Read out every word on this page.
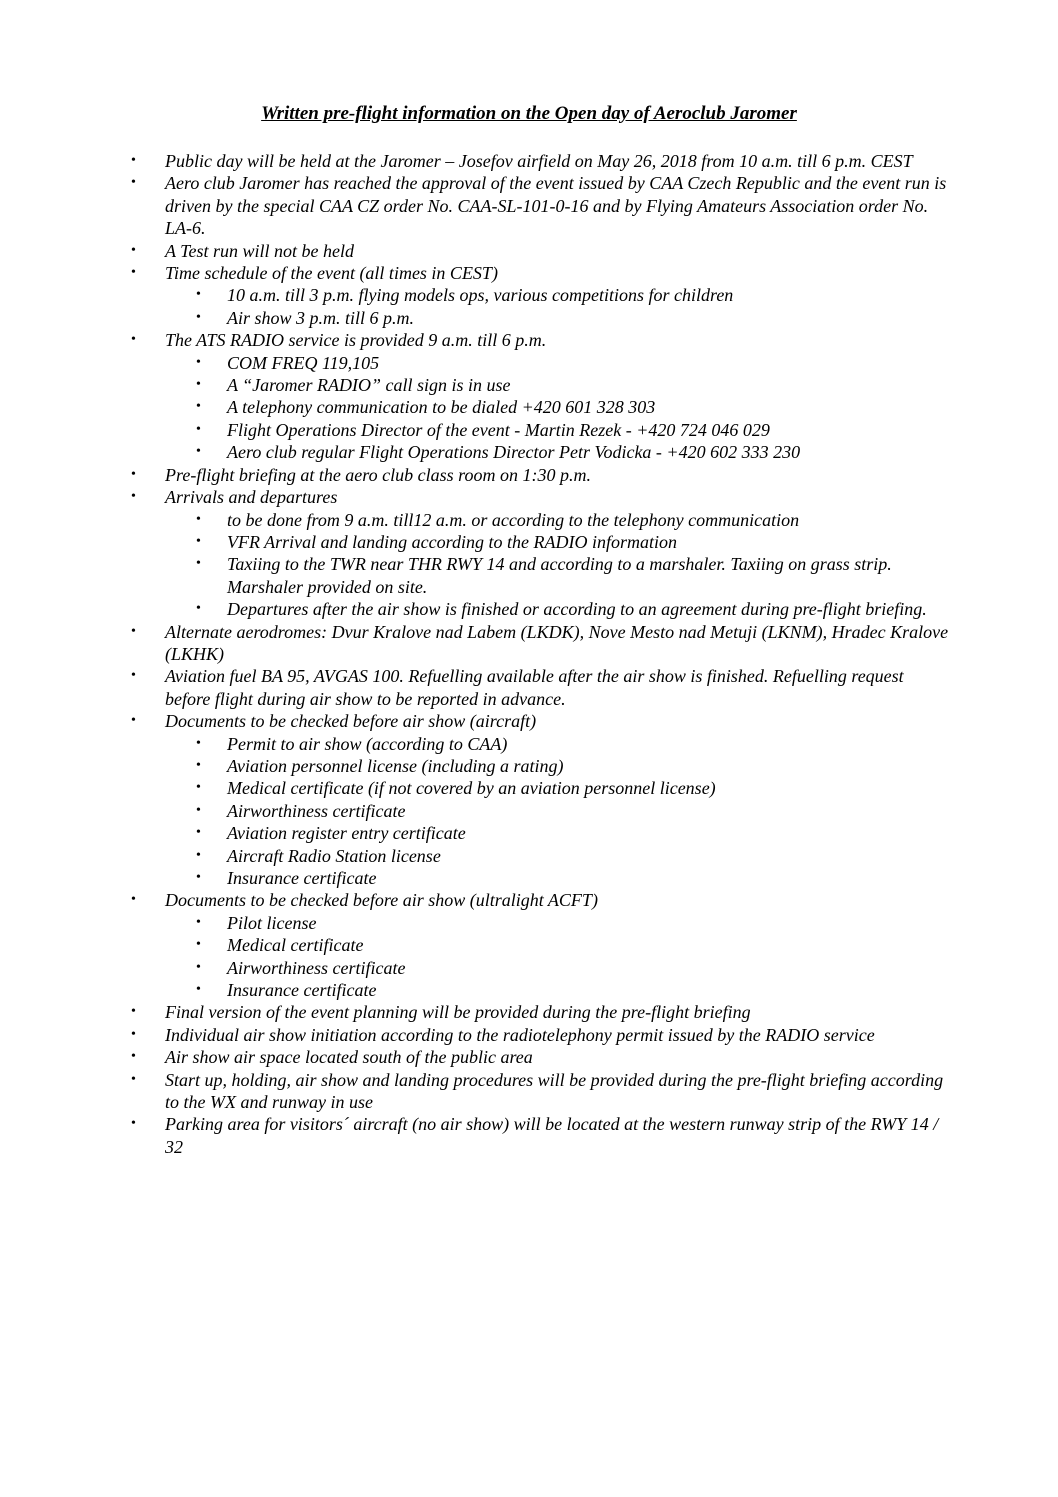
Written pre-flight information on the Open day of Aeroclub Jaromer
• Public day will be held at the Jaromer – Josefov airfield on May 26, 2018 from 10 a.m. till 6 p.m. CEST
• Aero club Jaromer has reached the approval of the event issued by CAA Czech Republic and the event run is driven by the special CAA CZ order No. CAA-SL-101-0-16 and by Flying Amateurs Association order No. LA-6.
• A Test run will not be held
• Time schedule of the event (all times in CEST)
• 10 a.m. till 3 p.m. flying models ops, various competitions for children
• Air show 3 p.m. till 6 p.m.
• The ATS RADIO service is provided 9 a.m. till 6 p.m.
• COM FREQ 119,105
• A “Jaromer RADIO” call sign is in use
• A telephony communication to be dialed +420 601 328 303
• Flight Operations Director of the event - Martin Rezek - +420 724 046 029
• Aero club regular Flight Operations Director Petr Vodicka - +420 602 333 230
• Pre-flight briefing at the aero club class room on 1:30 p.m.
• Arrivals and departures
• to be done from 9 a.m. till12 a.m. or according to the telephony communication
• VFR Arrival and landing according to the RADIO information
• Taxiing to the TWR near THR RWY 14 and according to a marshaler. Taxiing on grass strip. Marshaler provided on site.
• Departures after the air show is finished or according to an agreement during pre-flight briefing.
• Alternate aerodromes: Dvur Kralove nad Labem (LKDK), Nove Mesto nad Metuji (LKNM), Hradec Kralove (LKHK)
• Aviation fuel BA 95, AVGAS 100. Refuelling available after the air show is finished. Refuelling request before flight during air show to be reported in advance.
• Documents to be checked before air show (aircraft)
• Permit to air show (according to CAA)
• Aviation personnel license (including a rating)
• Medical certificate (if not covered by an aviation personnel license)
• Airworthiness certificate
• Aviation register entry certificate
• Aircraft Radio Station license
• Insurance certificate
• Documents to be checked before air show (ultralight ACFT)
• Pilot license
• Medical certificate
• Airworthiness certificate
• Insurance certificate
• Final version of the event planning will be provided during the pre-flight briefing
• Individual air show initiation according to the radiotelephony permit issued by the RADIO service
• Air show air space located south of the public area
• Start up, holding, air show and landing procedures will be provided during the pre-flight briefing according to the WX and runway in use
• Parking area for visitors´ aircraft (no air show) will be located at the western runway strip of the RWY 14 / 32
